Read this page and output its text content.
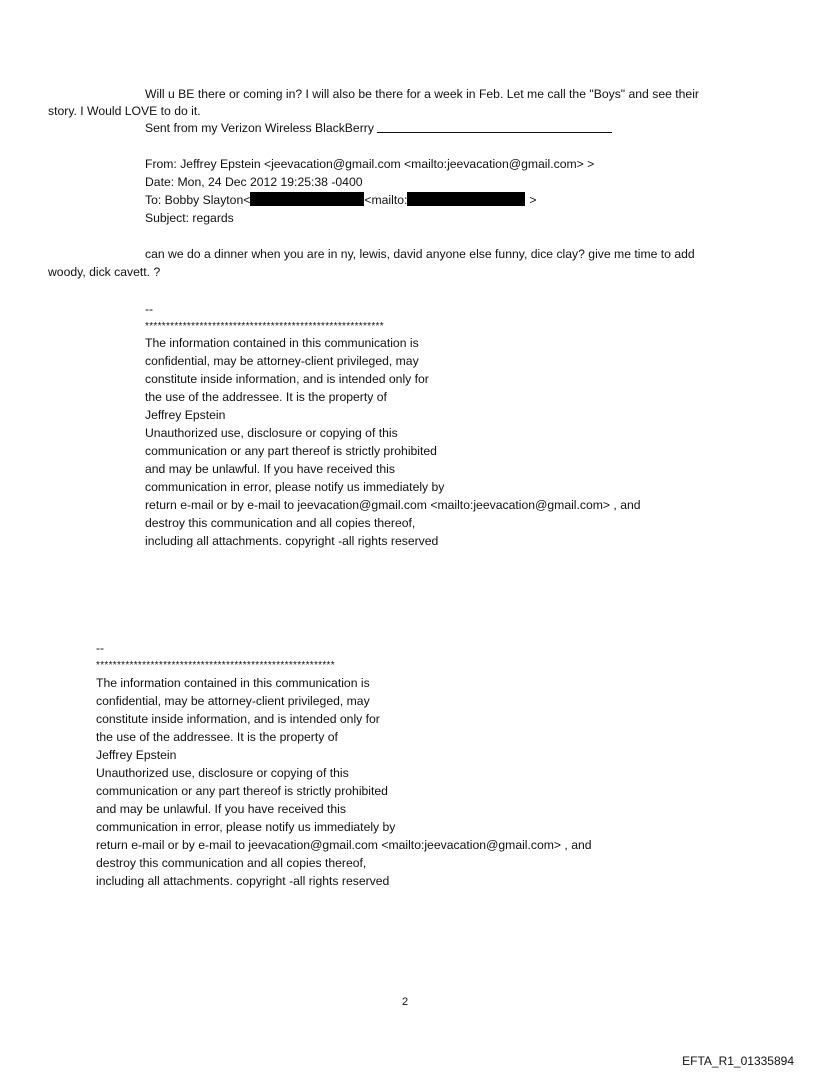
Will u BE there or coming in? I will also be there for a week in Feb. Let me call the "Boys" and see their
story. I Would LOVE to do it.
Sent from my Verizon Wireless BlackBerry
From: Jeffrey Epstein <jeevacation@gmail.com <mailto:jeevacation@gmail.com> >
Date: Mon, 24 Dec 2012 19:25:38 -0400
To: Bobby Slayton<	<mailto:	>
Subject: regards
can we do a dinner when you are in ny, lewis, david anyone else funny, dice clay? give me time to add
woody, dick cavett. ?
--
*********************************************************
The information contained in this communication is
confidential, may be attorney-client privileged, may
constitute inside information, and is intended only for
the use of the addressee. It is the property of
Jeffrey Epstein
Unauthorized use, disclosure or copying of this
communication or any part thereof is strictly prohibited
and may be unlawful. If you have received this
communication in error, please notify us immediately by
return e-mail or by e-mail to jeevacation@gmail.com <mailto:jeevacation@gmail.com> , and
destroy this communication and all copies thereof,
including all attachments. copyright -all rights reserved
--
*********************************************************
The information contained in this communication is
confidential, may be attorney-client privileged, may
constitute inside information, and is intended only for
the use of the addressee. It is the property of
Jeffrey Epstein
Unauthorized use, disclosure or copying of this
communication or any part thereof is strictly prohibited
and may be unlawful. If you have received this
communication in error, please notify us immediately by
return e-mail or by e-mail to jeevacation@gmail.com <mailto:jeevacation@gmail.com> , and
destroy this communication and all copies thereof,
including all attachments. copyright -all rights reserved
2
EFTA_R1_01335894
